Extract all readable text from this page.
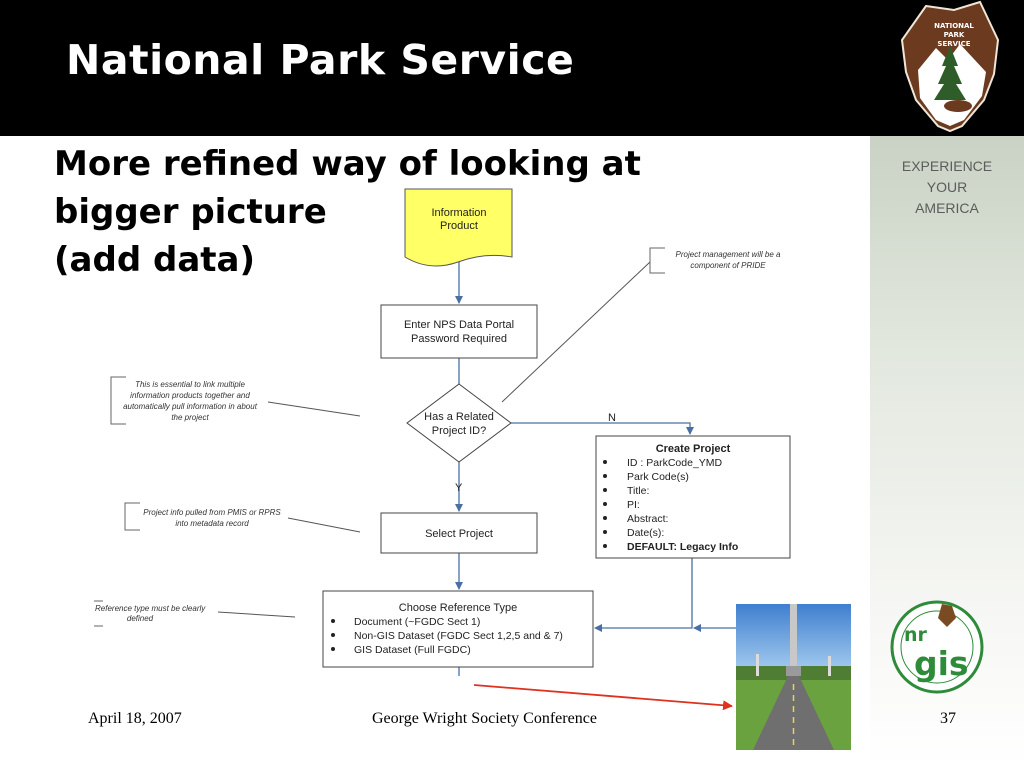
National Park Service
NATIONAL
PARK
SERVICE
EXPERIENCE
YOUR
AMERICA
More refined way of looking at
bigger picture
(add data)
Information
Product
Enter NPS Data Portal
Password Required
Has a Related
Project ID?
N
Y
Select Project
Create Project
ID : ParkCode_YMD
Park Code(s)
Title:
PI:
Abstract:
Date(s):
DEFAULT: Legacy Info
Choose Reference Type
Document (~FGDC Sect 1)
Non-GIS Dataset (FGDC Sect 1,2,5 and & 7)
GIS Dataset (Full FGDC)
Project management will be a
component of PRIDE
This is essential to link multiple
information products together and
automatically pull information in about
the project
Project info pulled from PMIS or RPRS
into metadata record
Reference type must be clearly
defined
nr
gis
April 18, 2007	George Wright Society Conference	37
